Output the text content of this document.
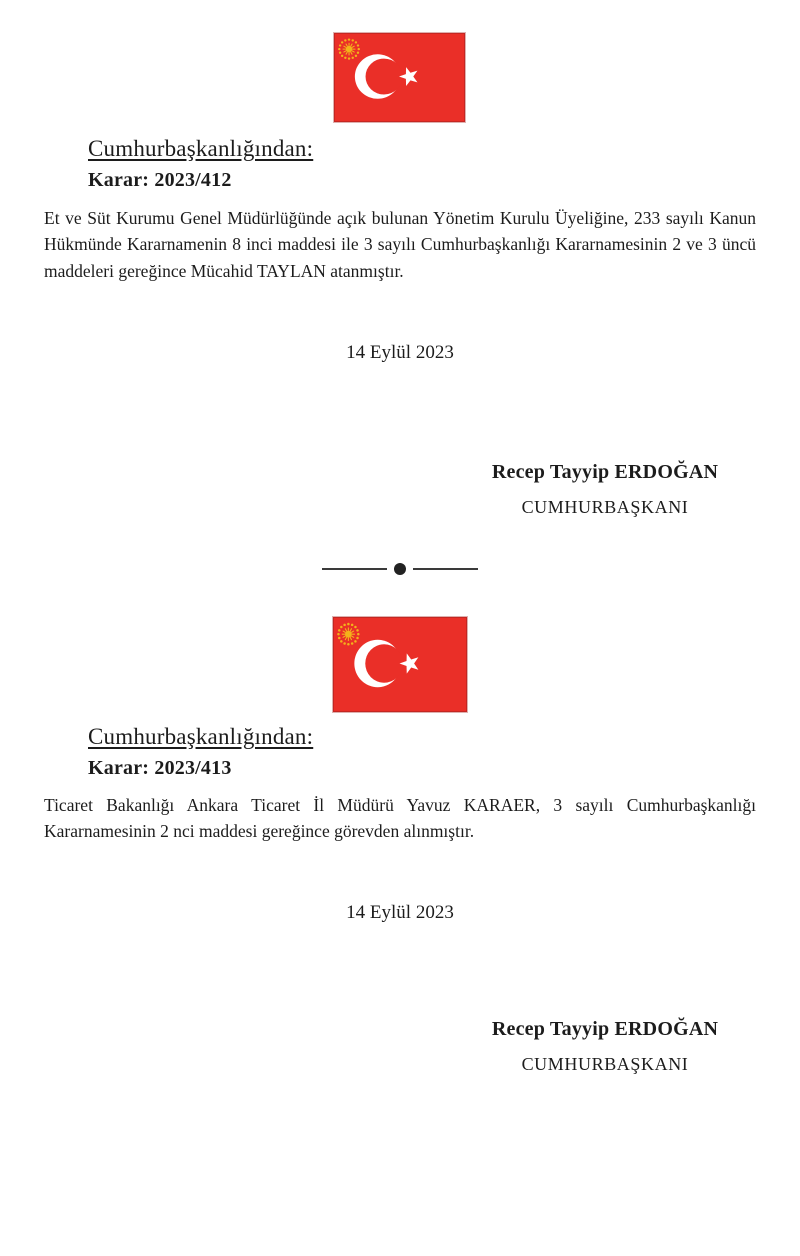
Cumhurbaşkanlığından:
Karar: 2023/412

Et ve Süt Kurumu Genel Müdürlüğünde açık bulunan Yönetim Kurulu Üyeliğine, 233 sayılı Kanun Hükmünde Kararnamenin 8 inci maddesi ile 3 sayılı Cumhurbaşkanlığı Kararnamesinin 2 ve 3 üncü maddeleri gereğince Mücahid TAYLAN atanmıştır.

14 Eylül 2023
Recep Tayyip ERDOĞAN
CUMHURBAŞKANI
Cumhurbaşkanlığından:
Karar: 2023/413

Ticaret Bakanlığı Ankara Ticaret İl Müdürü Yavuz KARAER, 3 sayılı Cumhurbaşkanlığı Kararnamesinin 2 nci maddesi gereğince görevden alınmıştır.

14 Eylül 2023
Recep Tayyip ERDOĞAN
CUMHURBAŞKANI
